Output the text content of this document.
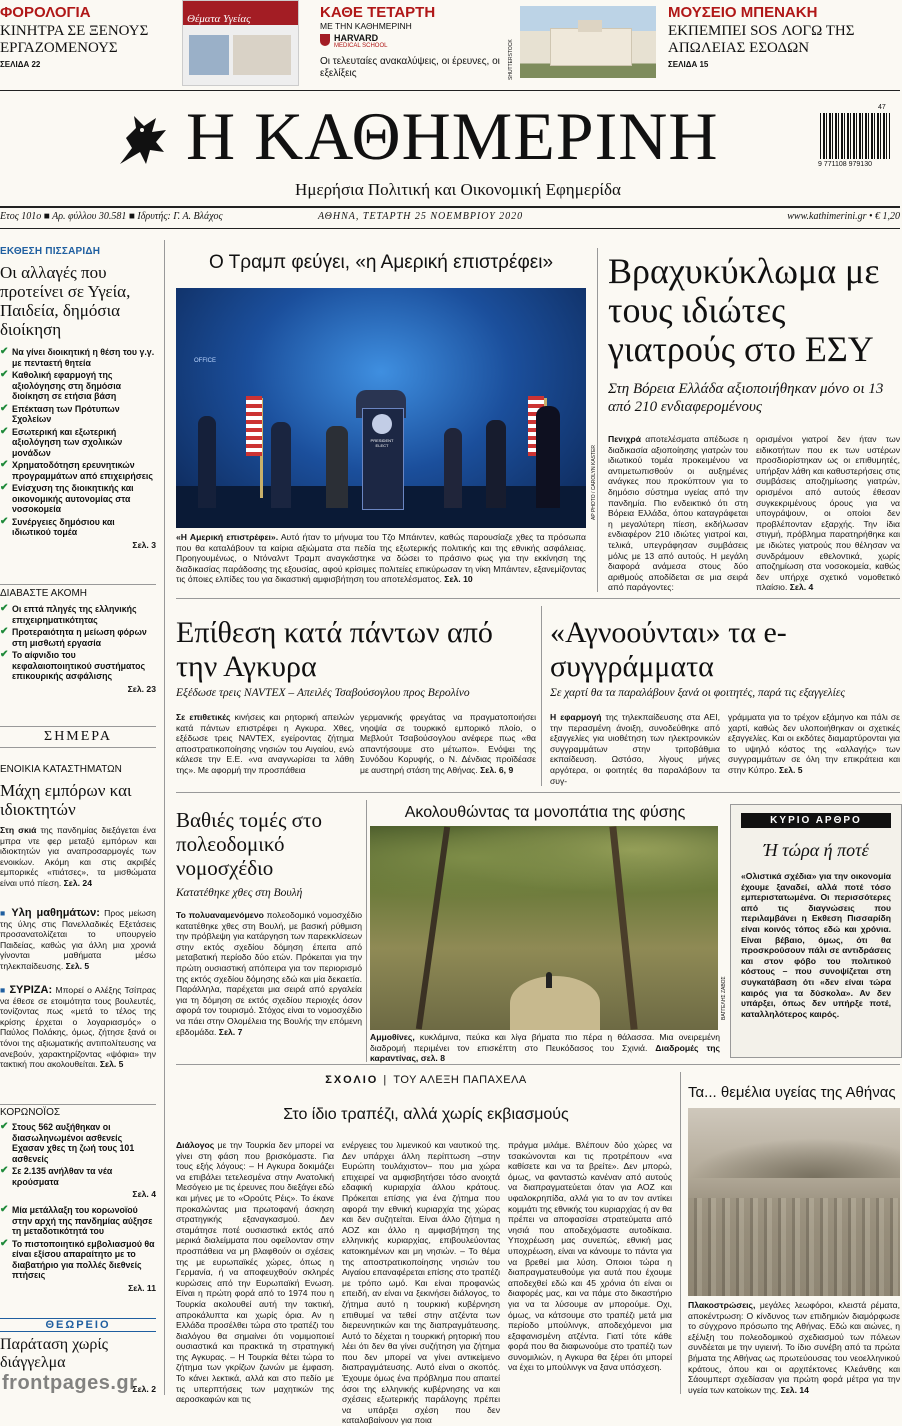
ΦΟΡΟΛΟΓΙΑ
ΚΙΝΗΤΡΑ ΣΕ ΞΕΝΟΥΣ ΕΡΓΑΖΟΜΕΝΟΥΣ
ΣΕΛΙΔΑ 22
Θέματα Υγείας	ΚΑΘΕ ΤΕΤΑΡΤΗ
ΜΕ ΤΗΝ ΚΑΘΗΜΕΡΙΝΗ
HARVARD
MEDICAL SCHOOL
Οι τελευταίες ανακαλύψεις, οι έρευνες, οι εξελίξεις	SHUTTERSTOCK
ΜΟΥΣΕΙΟ ΜΠΕΝΑΚΗ
ΕΚΠΕΜΠΕΙ SOS ΛΟΓΩ ΤΗΣ ΑΠΩΛΕΙΑΣ ΕΣΟΔΩΝ
ΣΕΛΙΔΑ 15
Η ΚΑΘΗΜΕΡΙΝΗ
Ημερήσια Πολιτική και Οικονομική Εφημερίδα
47
9 771108 979130
Ετος 101ο ■ Αρ. φύλλου 30.581 ■ Ιδρυτής: Γ. Α. Βλάχος	ΑΘΗΝΑ, ΤΕΤΑΡΤΗ 25 ΝΟΕΜΒΡΙΟΥ 2020	www.kathimerini.gr • € 1,20
ΕΚΘΕΣΗ ΠΙΣΣΑΡΙΔΗ
Οι αλλαγές που προτείνει σε Υγεία, Παιδεία, δημόσια διοίκηση
✔ Να γίνει διοικητική η θέση του γ.γ. με πενταετή θητεία
✔ Καθολική εφαρμογή της αξιολόγησης στη δημόσια διοίκηση σε ετήσια βάση
✔ Επέκταση των Πρότυπων Σχολείων
✔ Εσωτερική και εξωτερική αξιολόγηση των σχολικών μονάδων
✔ Χρηματοδότηση ερευνητικών προγραμμάτων από επιχειρήσεις
✔ Ενίσχυση της διοικητικής και οικονομικής αυτονομίας στα νοσοκομεία
✔ Συνέργειες δημόσιου και ιδιωτικού τομέα
Σελ. 3
ΔΙΑΒΑΣΤΕ ΑΚΟΜΗ
✔ Οι επτά πληγές της ελληνικής επιχειρηματικότητας
✔ Προτεραιότητα η μείωση φόρων στη μισθωτή εργασία
✔ Το αίφνιδιο του κεφαλαιοποιητικού συστήματος επικουρικής ασφάλισης
Σελ. 23
ΣΗΜΕΡΑ
ΕΝΟΙΚΙΑ ΚΑΤΑΣΤΗΜΑΤΩΝ
Μάχη εμπόρων και ιδιοκτητών
Στη σκιά της πανδημίας διεξάγεται ένα μπρα ντε φερ μεταξύ εμπόρων και ιδιοκτητών για αναπροσαρμογές των ενοικίων. Ακόμη και στις ακριβές εμπορικές «πιάτσες», τα μισθώματα είναι υπό πίεση. Σελ. 24
■ Υλη μαθημάτων: Προς μείωση της ύλης στις Πανελλαδικές Εξετάσεις προσανατολίζεται το υπουργείο Παιδείας, καθώς για άλλη μια χρονιά γίνονται μαθήματα μέσω τηλεκπαίδευσης. Σελ. 5
■ ΣΥΡΙΖΑ: Μπορεί ο Αλέξης Τσίπρας να έθεσε σε ετοιμότητα τους βουλευτές, τονίζοντας πως «μετά το τέλος της κρίσης έρχεται ο λογαριασμός» ο Παύλος Πολάκης, όμως, ζήτησε ξανά οι τόνοι της αξιωματικής αντιπολίτευσης να ανεβούν, χαρακτηρίζοντας «ψόφια» την τακτική που ακολουθείται. Σελ. 5
ΚΟΡΩΝΟΪΟΣ
✔ Στους 562 αυξήθηκαν οι διασωληνωμένοι ασθενείς Εχασαν χθες τη ζωή τους 101 ασθενείς
✔ Σε 2.135 ανήλθαν τα νέα κρούσματα
Σελ. 4
✔ Μία μετάλλαξη του κορωνοϊού στην αρχή της πανδημίας αύξησε τη μεταδοτικότητά του
✔ Το πιστοποιητικό εμβολιασμού θα είναι εξίσου απαραίτητο με το διαβατήριο για πολλές διεθνείς πτήσεις
Σελ. 11
ΘΕΩΡΕΙΟ
Παράταση χωρίς διάγγελμα
Σελ. 2
Ο Τραμπ φεύγει, «η Αμερική επιστρέφει»
OFFICE
PRESIDENT ELECT	AP PHOTO / CAROLYN KASTER
«Η Αμερική επιστρέφει». Αυτό ήταν το μήνυμα του Τζο Μπάιντεν, καθώς παρουσίαζε χθες τα πρόσωπα που θα καταλάβουν τα καίρια αξιώματα στα πεδία της εξωτερικής πολιτικής και της εθνικής ασφάλειας. Προηγουμένως, ο Ντόναλντ Τραμπ αναγκάστηκε να δώσει το πράσινο φως για την εκκίνηση της διαδικασίας παράδοσης της εξουσίας, αφού κρίσιμες πολιτείες επικύρωσαν τη νίκη Μπάιντεν, εξανεμίζοντας τις όποιες ελπίδες του για δικαστική αμφισβήτηση του αποτελέσματος. Σελ. 10
Βραχυκύκλωμα με τους ιδιώτες γιατρούς στο ΕΣΥ
Στη Βόρεια Ελλάδα αξιοποιήθηκαν μόνο οι 13 από 210 ενδιαφερομένους
Πενιχρά αποτελέσματα απέδωσε η διαδικασία αξιοποίησης γιατρών του ιδιωτικού τομέα προκειμένου να αντιμετωπισθούν οι αυξημένες ανάγκες που προκύπτουν για το δημόσιο σύστημα υγείας από την πανδημία. Πιο ενδεικτικό ότι στη Βόρεια Ελλάδα, όπου καταγράφεται η μεγαλύτερη πίεση, εκδήλωσαν ενδιαφέρον 210 ιδιώτες γιατροί και, τελικά, υπεγράφησαν συμβάσεις μόλις με 13 από αυτούς. Η μεγάλη διαφορά ανάμεσα στους δύο αριθμούς αποδίδεται σε μια σειρά από παράγοντες:
ορισμένοι γιατροί δεν ήταν των ειδικοτήτων που εκ των υστέρων προσδιορίστηκαν ως οι επιθυμητές, υπήρξαν λάθη και καθυστερήσεις στις συμβάσεις αποζημίωσης γιατρών, ορισμένοι από αυτούς έθεσαν συγκεκριμένους όρους για να υπογράψουν, οι οποίοι δεν προβλέπονταν εξαρχής. Την ίδια στιγμή, πρόβλημα παρατηρήθηκε και με ιδιώτες γιατρούς που θέλησαν να συνδράμουν εθελοντικά, χωρίς αποζημίωση στα νοσοκομεία, καθώς δεν υπήρχε σχετικό νομοθετικό πλαίσιο. Σελ. 4
Επίθεση κατά πάντων από την Αγκυρα
Εξέδωσε τρεις NAVTEX – Απειλές Τσαβούσογλου προς Βερολίνο
Σε επιθετικές κινήσεις και ρητορική απειλών κατά πάντων επιστρέφει η Αγκυρα. Χθες, εξέδωσε τρεις NAVTEX, εγείροντας ζήτημα αποστρατικοποίησης νησιών του Αιγαίου, ενώ κάλεσε την Ε.Ε. «να αναγνωρίσει τα λάθη της». Με αφορμή την προσπάθεια
γερμανικής φρεγάτας να πραγματοποιήσει νηοψία σε τουρκικό εμπορικό πλοίο, ο Μεβλούτ Τσαβούσογλου ανέφερε πως «θα απαντήσουμε στο μέτωπο». Ενόψει της Συνόδου Κορυφής, ο Ν. Δένδιας προϊδέασε με αυστηρή στάση της Αθήνας. Σελ. 6, 9
«Αγνοούνται» τα e-συγγράμματα
Σε χαρτί θα τα παραλάβουν ξανά οι φοιτητές, παρά τις εξαγγελίες
Η εφαρμογή της τηλεκπαίδευσης στα ΑΕΙ, την περασμένη άνοιξη, συνοδεύθηκε από εξαγγελίες για υιοθέτηση των ηλεκτρονικών συγγραμμάτων στην τριτοβάθμια εκπαίδευση. Ωστόσο, λίγους μήνες αργότερα, οι φοιτητές θα παραλάβουν τα συγ-
γράμματα για το τρέχον εξάμηνο και πάλι σε χαρτί, καθώς δεν υλοποιήθηκαν οι σχετικές εξαγγελίες. Και οι εκδότες διαμαρτύρονται για το υψηλό κόστος της «αλλαγής» των συγγραμμάτων σε όλη την επικράτεια και στην Κύπρο. Σελ. 5
Βαθιές τομές στο πολεοδομικό νομοσχέδιο
Κατατέθηκε χθες στη Βουλή
Το πολυαναμενόμενο πολεοδομικό νομοσχέδιο κατατέθηκε χθες στη Βουλή, με βασική ρύθμιση την πρόβλεψη για κατάργηση των παρεκκλίσεων στην εκτός σχεδίου δόμηση έπειτα από μεταβατική περίοδο δύο ετών. Πρόκειται για την πρώτη ουσιαστική απόπειρα για τον περιορισμό της εκτός σχεδίου δόμησης εδώ και μία δεκαετία. Παράλληλα, παρέχεται μια σειρά από εργαλεία για τη δόμηση σε εκτός σχεδίου περιοχές όσον αφορά τον τουρισμό. Στόχος είναι το νομοσχέδιο να πάει στην Ολομέλεια της Βουλής την επόμενη εβδομάδα. Σελ. 7
Ακολουθώντας τα μονοπάτια της φύσης
ΒΑΓΓΕΛΗΣ ΖΑΒΟΣ
Αμμοθίνες, κυκλάμινα, πεύκα και λίγα βήματα πιο πέρα η θάλασσα. Μια ονειρεμένη διαδρομή περιμένει τον επισκέπτη στο Πευκόδασος του Σχινιά. Διαδρομές της καραντίνας, σελ. 8
ΚΥΡΙΟ ΑΡΘΡΟ
Ή τώρα ή ποτέ
«Ολιστικά σχέδια» για την οικονομία έχουμε ξαναδεί, αλλά ποτέ τόσο εμπεριστατωμένα. Οι περισσότερες από τις διαγνώσεις που περιλαμβάνει η Εκθεση Πισσαρίδη είναι κοινός τόπος εδώ και χρόνια. Είναι βέβαιο, όμως, ότι θα προσκρούσουν πάλι σε αντιδράσεις και στον φόβο του πολιτικού κόστους – που συνοψίζεται στη συγκατάβαση ότι «δεν είναι τώρα καιρός για τα δύσκολα». Αν δεν υπάρξει, όπως δεν υπήρξε ποτέ, καταλληλότερος καιρός.
ΣΧΟΛΙΟ | ΤΟΥ ΑΛΕΞΗ ΠΑΠΑΧΕΛΑ
Στο ίδιο τραπέζι, αλλά χωρίς εκβιασμούς
Διάλογος με την Τουρκία δεν μπορεί να γίνει στη φάση που βρισκόμαστε. Για τους εξής λόγους: – Η Αγκυρα δοκιμάζει να επιβάλει τετελεσμένα στην Ανατολική Μεσόγειο με τις έρευνες που διεξάγει εδώ και μήνες με το «Ορούτς Ρέις». Το έκανε προκαλώντας μια πρωτοφανή άσκηση στρατηγικής εξαναγκασμού. Δεν σταμάτησε ποτέ ουσιαστικά εκτός από μερικά διαλείμματα που οφείλονταν στην προσπάθεια να μη βλαφθούν οι σχέσεις της με ευρωπαϊκές χώρες, όπως η Γερμανία, ή να αποφευχθούν σκληρές κυρώσεις από την Ευρωπαϊκή Ενωση. Είναι η πρώτη φορά από το 1974 που η Τουρκία ακολουθεί αυτή την τακτική, απροκάλυπτα και χωρίς όρια. Αν η Ελλάδα προσέλθει τώρα στο τραπέζι του διαλόγου θα σημαίνει ότι νομιμοποιεί ουσιαστικά και πρακτικά τη στρατηγική της Αγκυρας. – Η Τουρκία θέτει τώρα το ζήτημα των γκρίζων ζωνών με έμφαση. Το κάνει λεκτικά, αλλά και στο πεδίο με τις υπερπτήσεις των μαχητικών της αεροσκαφών και τις
ενέργειες του λιμενικού και ναυτικού της. Δεν υπάρχει άλλη περίπτωση –στην Ευρώπη τουλάχιστον– που μια χώρα επιχειρεί να αμφισβητήσει τόσο ανοιχτά εδαφική κυριαρχία άλλου κράτους. Πρόκειται επίσης για ένα ζήτημα που αφορά την εθνική κυριαρχία της χώρας και δεν συζητείται. Είναι άλλο ζήτημα η ΑΟΖ και άλλο η αμφισβήτηση της ελληνικής κυριαρχίας, επιβουλεύοντας κατοικημένων και μη νησιών. – Το θέμα της αποστρατικοποίησης νησιών του Αιγαίου επαναφέρεται επίσης στο τραπέζι με τρόπο ωμό. Και είναι προφανώς επειδή, αν είναι να ξεκινήσει διάλογος, το ζήτημα αυτό η τουρκική κυβέρνηση επιθυμεί να τεθεί στην ατζέντα των διερευνητικών και της διαπραγμάτευσης. Αυτό το δέχεται η τουρκική ρητορική που λέει ότι δεν θα γίνει συζήτηση για ζήτημα που δεν μπορεί να γίνει αντικείμενο διαπραγμάτευσης. Αυτό είναι ο σκοπός. Έχουμε όμως ένα πρόβλημα που απαιτεί όσοι της ελληνικής κυβέρνησης να και σχέσεις εξωτερικής παράλογης πρέπει να υπάρξει σχέση που δεν καταλαβαίνουν για ποια
πράγμα μιλάμε. Βλέπουν δύο χώρες να τσακώνονται και τις προτρέπουν «να καθίσετε και να τα βρείτε». Δεν μπορώ, όμως, να φανταστώ κανέναν από αυτούς να διαπραγματεύεται όταν για ΑΟΖ και υφαλοκρηπίδα, αλλά για το αν τον αντίκει κομμάτι της εθνικής του κυριαρχίας ή αν θα πρέπει να αποφασίσει στρατεύματα από νησιά που αποδεχόμαστε αυτοδίκαια. Υποχρέωση μας συνεπώς, εθνική μας υποχρέωση, είναι να κάνουμε το πάντα για να βρεθεί μια λύση. Οποιοι τώρα η διαπραγματευθούμε για αυτά που έχουμε αποδεχθεί εδώ και 45 χρόνια ότι είναι οι διαφορές μας, και να πάμε στο δικαστήριο για να τα λύσουμε αν μπορούμε. Οχι, όμως, να κάτσουμε στο τραπέζι μετά μια περίοδο μπούλινγκ, αποδεχόμενοι μια εξαφανισμένη ατζέντα. Γιατί τότε κάθε φορά που θα διαφωνούμε στο τραπέζι των συνομιλιών, η Αγκυρα θα ξέρει ότι μπορεί να έχει το μπούλινγκ να ξανα υπόσχεση.
Τα... θεμέλια υγείας της Αθήνας
Πλακοστρώσεις, μεγάλες λεωφόροι, κλειστά ρέματα, αποκέντρωση: Ο κίνδυνος των επιδημιών διαμόρφωσε το σύγχρονο πρόσωπο της Αθήνας. Εδώ και αιώνες, η εξέλιξη του πολεοδομικού σχεδιασμού των πόλεων συνδέεται με την υγιεινή. Το ίδιο συνέβη από τα πρώτα βήματα της Αθήνας ως πρωτεύουσας του νεοελληνικού κράτους, όπου και οι αρχιτέκτονες Κλεάνθης και Σάουμπερτ σχεδίασαν για πρώτη φορά μέτρα για την υγεία των κατοίκων της. Σελ. 14
frontpages.gr
